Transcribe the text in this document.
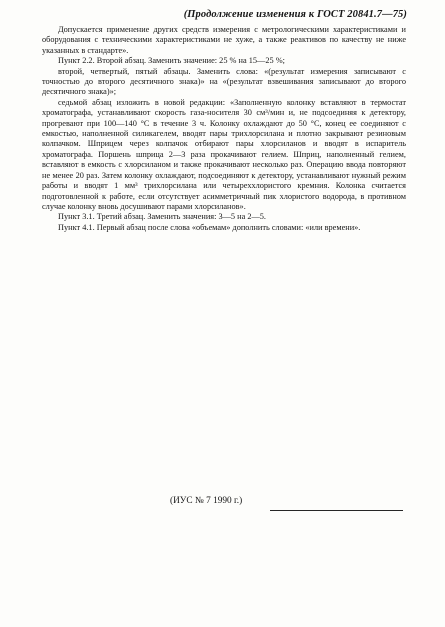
(Продолжение изменения к ГОСТ 20841.7—75)

Допускается применение других средств измерения с метрологическими характеристиками и оборудования с техническими характеристиками не хуже, а также реактивов по качеству не ниже указанных в стандарте».

Пункт 2.2. Второй абзац. Заменить значение: 25 % на 15—25 %;

второй, четвертый, пятый абзацы. Заменить слова: «(результат измерения записывают с точностью до второго десятичного знака)» на «(результат взвешивания записывают до второго десятичного знака)»;

седьмой абзац изложить в новой редакции: «Заполненную колонку вставляют в термостат хроматографа, устанавливают скорость газа-носителя 30 см³/мин и, не подсоединяя к детектору, прогревают при 100—140 °С в течение 3 ч. Колонку охлаждают до 50 °С, конец ее соединяют с емкостью, наполненной силикагелем, вводят пары трихлорсилана и плотно закрывают резиновым колпачком. Шприцем через колпачок отбирают пары хлорсиланов и вводят в испаритель хроматографа. Поршень шприца 2—3 раза прокачивают гелием. Шприц, наполненный гелием, вставляют в емкость с хлорсиланом и также прокачивают несколько раз. Операцию ввода повторяют не менее 20 раз. Затем колонку охлаждают, подсоединяют к детектору, устанавливают нужный режим работы и вводят 1 мм³ трихлорсилана или четыреххлористого кремния. Колонка считается подготовленной к работе, если отсутствует асимметричный пик хлористого водорода, в противном случае колонку вновь досушивают парами хлорсиланов».

Пункт 3.1. Третий абзац. Заменить значения: 3—5 на 2—5.

Пункт 4.1. Первый абзац после слова «объемам» дополнить словами: «или времени».

(ИУС № 7 1990 г.)
